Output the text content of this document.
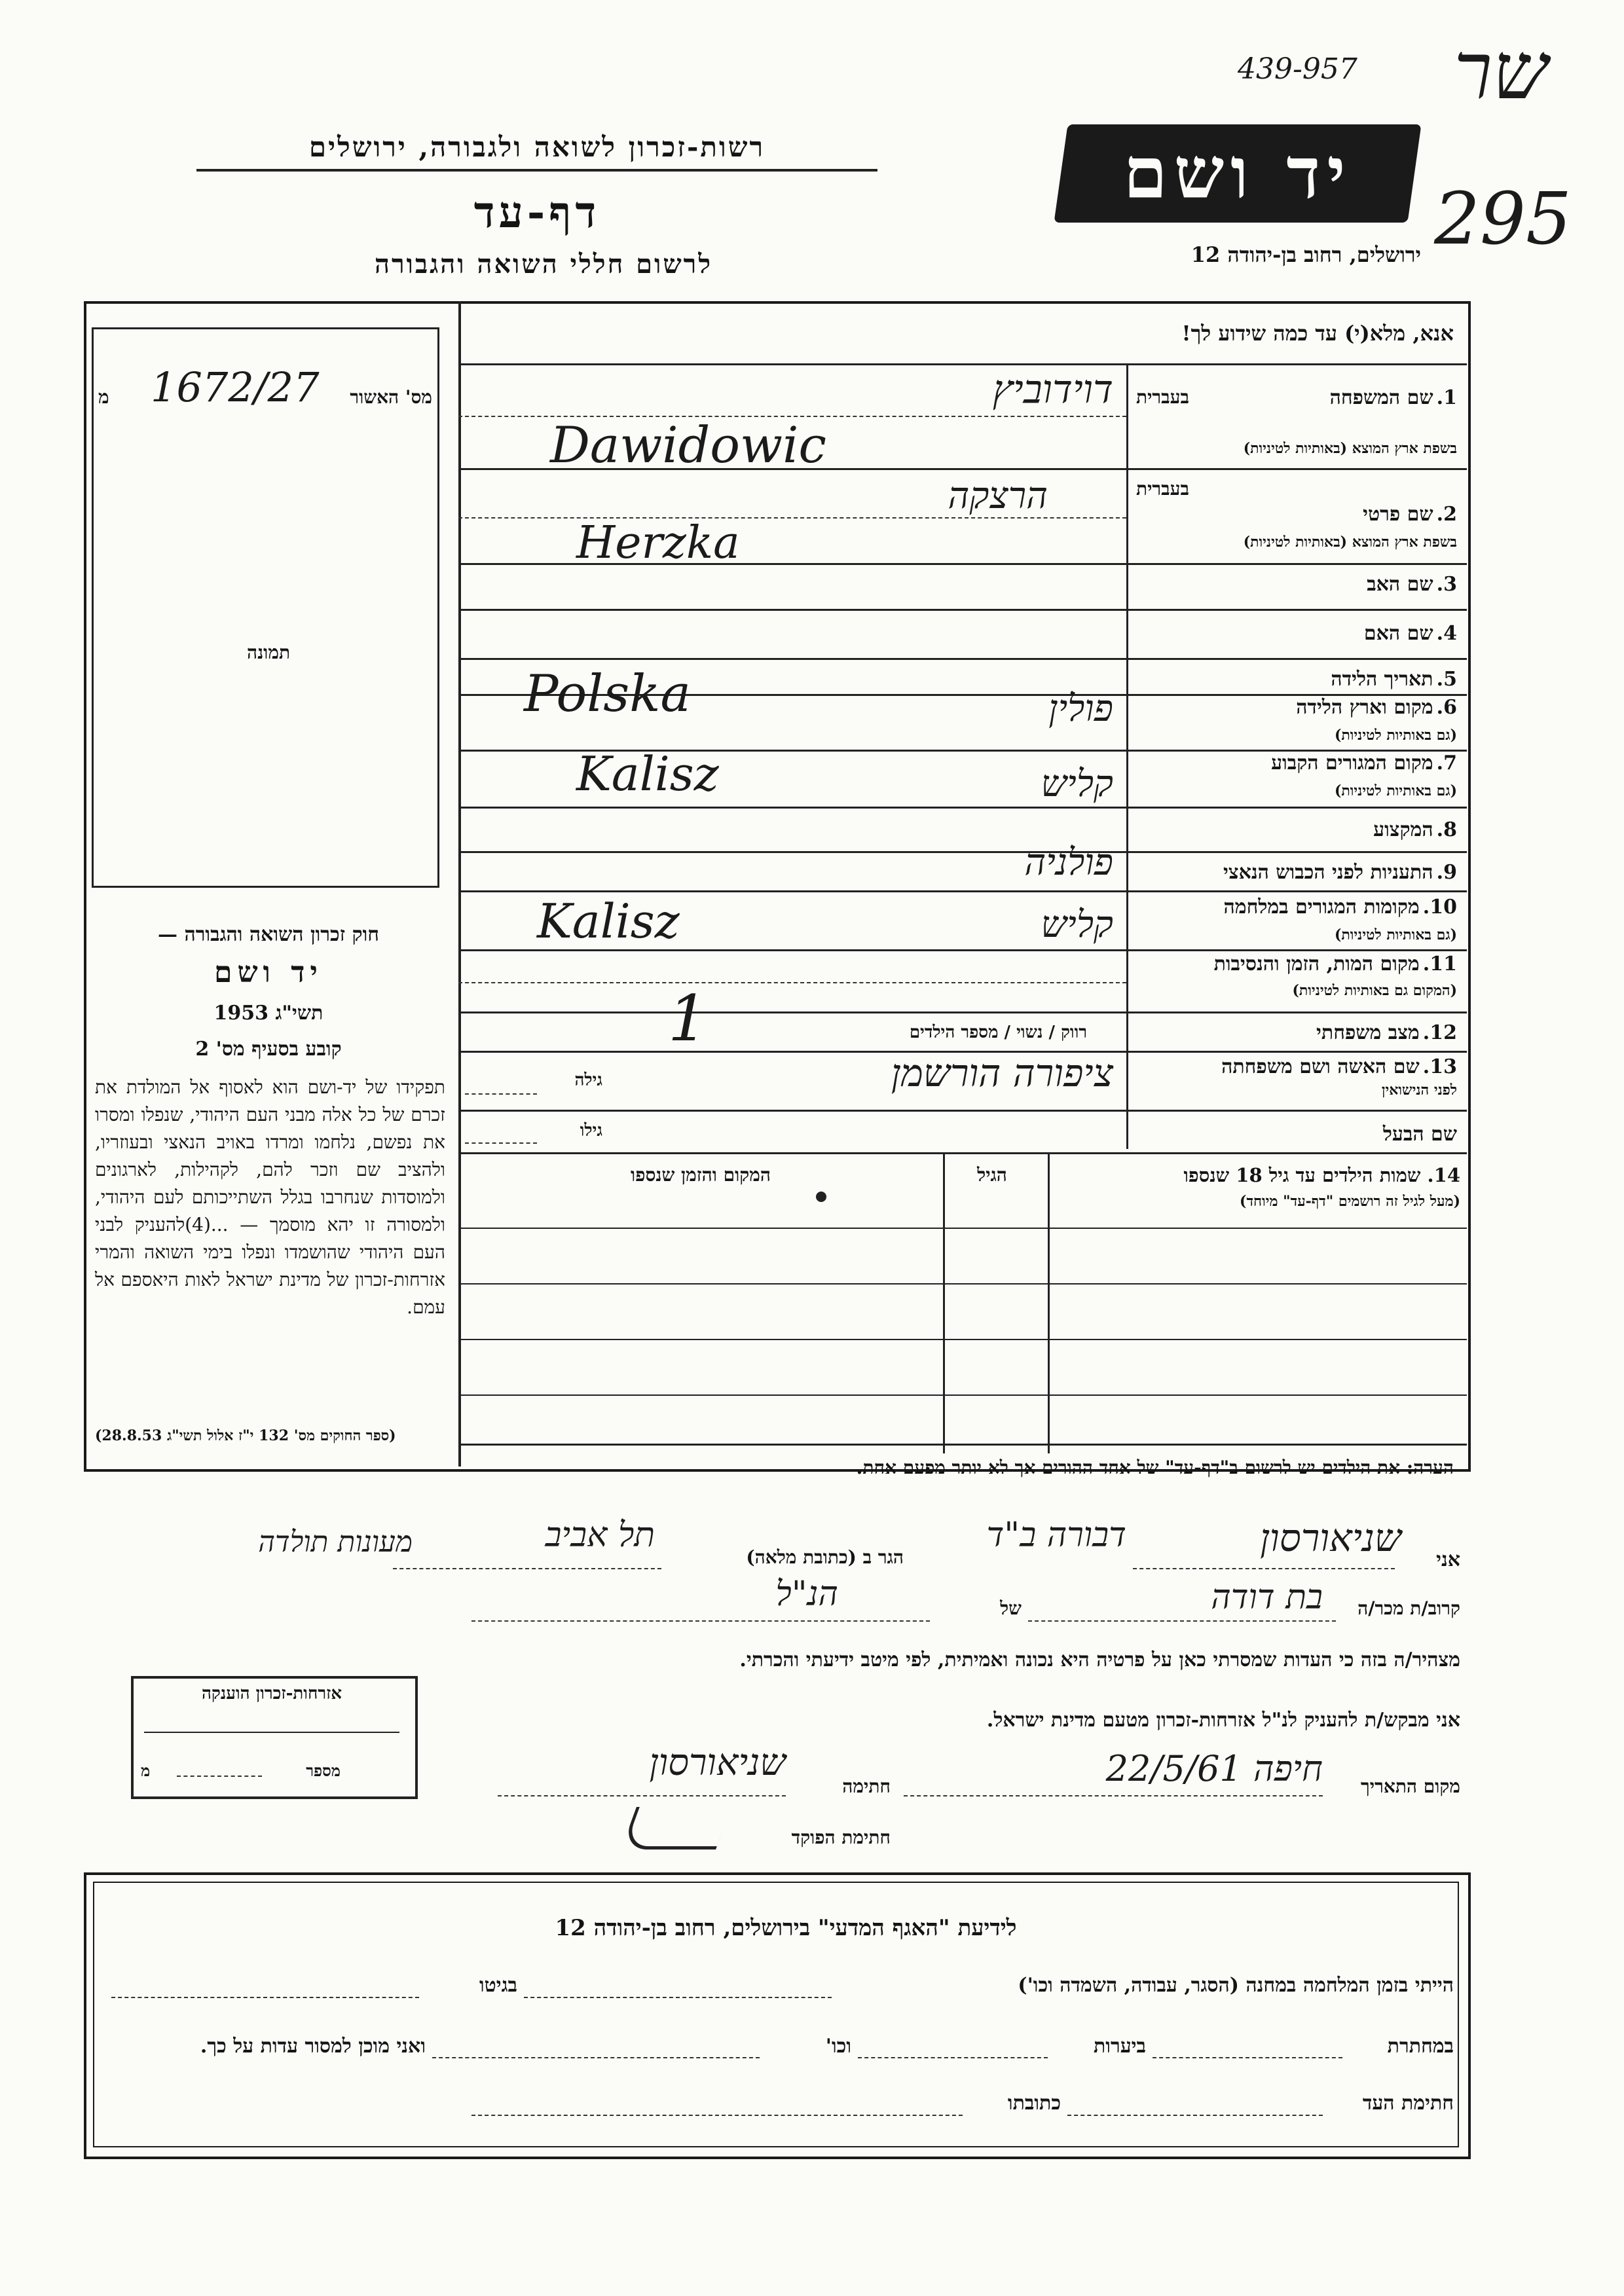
439-957 שר
295
רשות-זכרון לשואה ולגבורה, ירושלים
דף-עד
לרשום חללי השואה והגבורה
יד ושם
ירושלים, רחוב בן-יהודה 12
מס' האשור
מ	1672/27
תמונה
חוק זכרון השואה והגבורה —
יד ושם
תשי"ג 1953
קובע בסעיף מס' 2
תפקידו של יד-ושם הוא לאסוף אל המולדת את זכרם של כל אלה מבני העם היהודי, שנפלו ומסרו את נפשם, נלחמו ומרדו באויב הנאצי ובעוזריו, ולהציב שם וזכר להם, לקהילות, לארגונים ולמוסדות שנחרבו בגלל השתייכותם לעם היהודי, ולמסורה זו יהא מוסמך — ...(4)להעניק לבני העם היהודי שהושמדו ונפלו בימי השואה והמרי אזרחות-זכרון של מדינת ישראל לאות היאספם אל עמם.
(ספר החוקים מס' 132 י"ז אלול תשי"ג 28.8.53)
אנא, מלא(י) עד כמה שידוע לך!
1. שם המשפחה
בעברית
בשפת ארץ המוצא (באותיות לטיניות)
דוידוביץ
Dawidowic
2. שם פרטי
בעברית
בשפת ארץ המוצא (באותיות לטיניות)
הרצקה
Herzka
3. שם האב
4. שם האם
5. תאריך הלידה
6. מקום וארץ הלידה
(גם באותיות לטיניות)
Polska	פולין
7. מקום המגורים הקבוע
(גם באותיות לטיניות)
Kalisz	קליש
8. המקצוע
9. התעניות לפני הכבוש הנאצי
פולניה
10. מקומות המגורים במלחמה
(גם באותיות לטיניות)
Kalisz	קליש
11. מקום המות, הזמן והנסיבות
(המקום גם באותיות לטיניות)
12. מצב משפחתי
רווק / נשוי / מספר הילדים
1
13. שם האשה ושם משפחתה
לפני הנישואין
גילה	ציפורה הורשמן
שם הבעל
גילו
14. שמות הילדים עד גיל 18 שנספו
(מעל לגיל זה רושמים "דף-עד" מיוחד)
הגיל
המקום והזמן שנספו
הערה: את הילדים יש לרשום ב"דף-עד" של אחד ההורים אך לא יותר מפעם אחת.
אני
שניאורסון
דבורה ב"ד
הגר ב (כתובת מלאה)
תל אביב
מעונות תולדה
קרוב/ת מכר/ה
בת דודה
של
הנ"ל
מצהיר/ה בזה כי העדות שמסרתי כאן על פרטיה היא נכונה ואמיתית, לפי מיטב ידיעתי והכרתי.
אני מבקש/ת להעניק לנ"ל אזרחות-זכרון מטעם מדינת ישראל.
מקום התאריך
חיפה 22/5/61
חתימה
שניאורסון
חתימת הפוקד
אזרחות-זכרון הוענקה
מספר
מ
לידיעת "האגף המדעי" בירושלים, רחוב בן-יהודה 12
הייתי בזמן המלחמה במחנה (הסגר, עבודה, השמדה וכו')
בגיטו
במחתרת
ביערות
וכו'
ואני מוכן למסור עדות על כך.
חתימת העד
כתובתו
